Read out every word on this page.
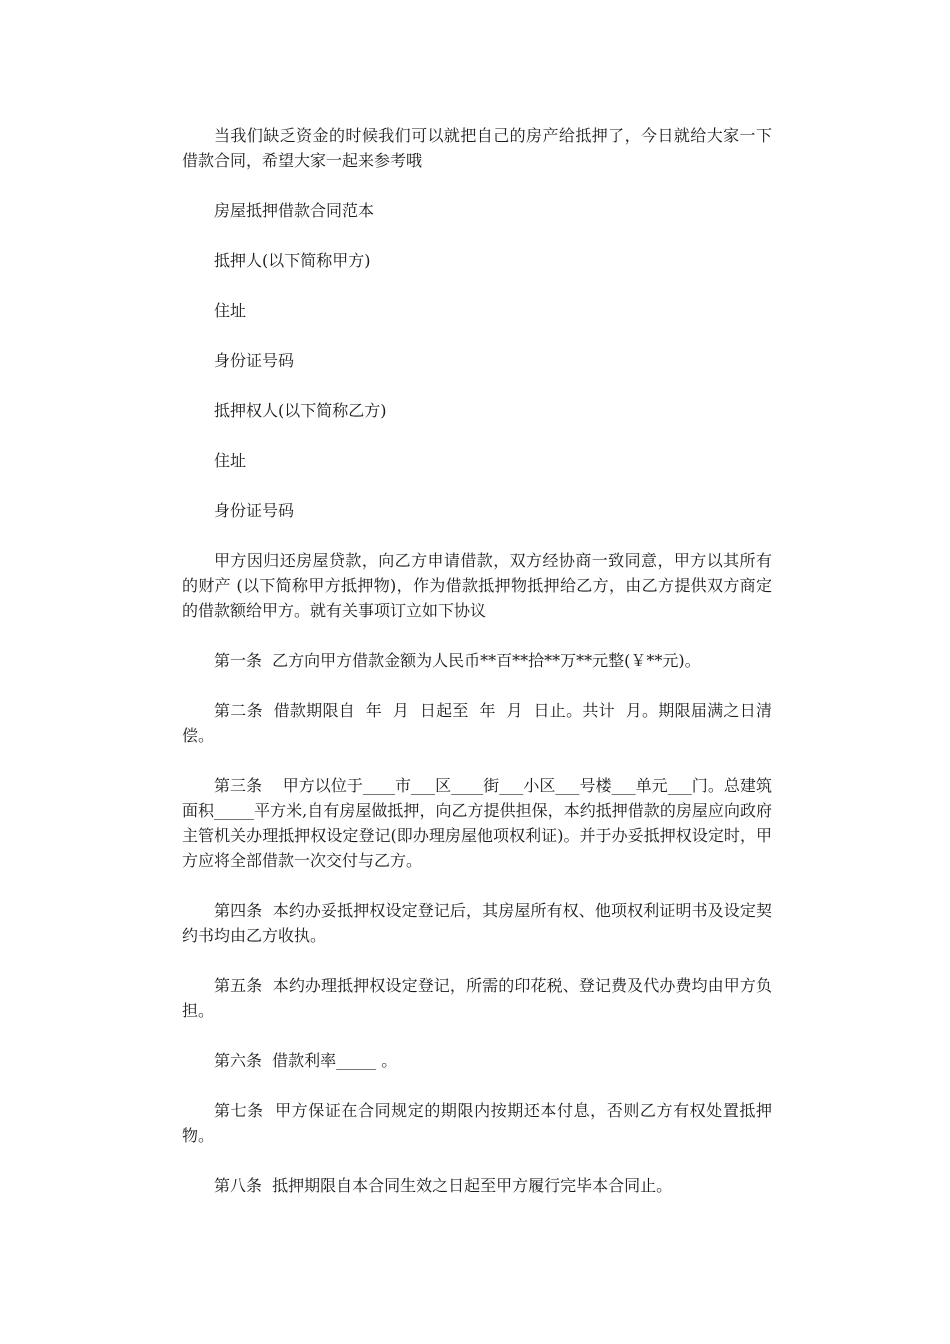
当我们缺乏资金的时候我们可以就把自己的房产给抵押了，今日就给大家一下借款合同，希望大家一起来参考哦

房屋抵押借款合同范本

抵押人(以下简称甲方)

住址

身份证号码

抵押权人(以下简称乙方)

住址

身份证号码

甲方因归还房屋贷款，向乙方申请借款，双方经协商一致同意，甲方以其所有的财产 (以下简称甲方抵押物)，作为借款抵押物抵押给乙方，由乙方提供双方商定的借款额给甲方。就有关事项订立如下协议

第一条  乙方向甲方借款金额为人民币**百**拾**万**元整(￥**元)。

第二条  借款期限自  年  月  日起至  年  月  日止。共计  月。期限届满之日清偿。

第三条    甲方以位于____市___区____街___小区___号楼___单元___门。总建筑面积_____平方米,自有房屋做抵押，向乙方提供担保，本约抵押借款的房屋应向政府主管机关办理抵押权设定登记(即办理房屋他项权利证)。并于办妥抵押权设定时，甲方应将全部借款一次交付与乙方。

第四条  本约办妥抵押权设定登记后，其房屋所有权、他项权利证明书及设定契约书均由乙方收执。

第五条  本约办理抵押权设定登记，所需的印花税、登记费及代办费均由甲方负担。

第六条  借款利率_____ 。

第七条  甲方保证在合同规定的期限内按期还本付息，否则乙方有权处置抵押物。

第八条  抵押期限自本合同生效之日起至甲方履行完毕本合同止。
